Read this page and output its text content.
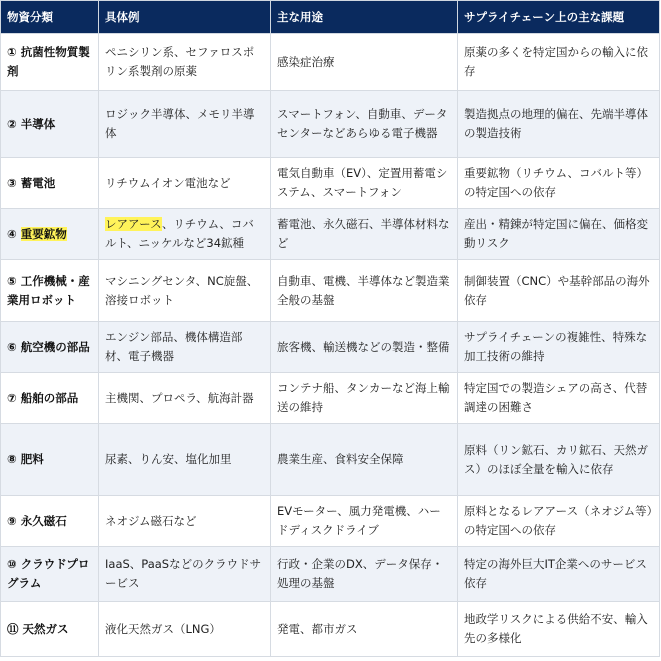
物資分類	具体例	主な用途	サプライチェーン上の主な課題
① 抗菌性物質製剤	ペニシリン系、セファロスポリン系製剤の原薬	感染症治療	原薬の多くを特定国からの輸入に依存
② 半導体	ロジック半導体、メモリ半導体	スマートフォン、自動車、データセンターなどあらゆる電子機器	製造拠点の地理的偏在、先端半導体の製造技術
③ 蓄電池	リチウムイオン電池など	電気自動車（EV）、定置用蓄電システム、スマートフォン	重要鉱物（リチウム、コバルト等）の特定国への依存
④ 重要鉱物	レアアース、リチウム、コバルト、ニッケルなど34鉱種	蓄電池、永久磁石、半導体材料など	産出・精錬が特定国に偏在、価格変動リスク
⑤ 工作機械・産業用ロボット	マシニングセンタ、NC旋盤、溶接ロボット	自動車、電機、半導体など製造業全般の基盤	制御装置（CNC）や基幹部品の海外依存
⑥ 航空機の部品	エンジン部品、機体構造部材、電子機器	旅客機、輸送機などの製造・整備	サプライチェーンの複雑性、特殊な加工技術の維持
⑦ 船舶の部品	主機関、プロペラ、航海計器	コンテナ船、タンカーなど海上輸送の維持	特定国での製造シェアの高さ、代替調達の困難さ
⑧ 肥料	尿素、りん安、塩化加里	農業生産、食料安全保障	原料（リン鉱石、カリ鉱石、天然ガス）のほぼ全量を輸入に依存
⑨ 永久磁石	ネオジム磁石など	EVモーター、風力発電機、ハードディスクドライブ	原料となるレアアース（ネオジム等）の特定国への依存
⑩ クラウドプログラム	IaaS、PaaSなどのクラウドサービス	行政・企業のDX、データ保存・処理の基盤	特定の海外巨大IT企業へのサービス依存
⑪ 天然ガス	液化天然ガス（LNG）	発電、都市ガス	地政学リスクによる供給不安、輸入先の多様化
